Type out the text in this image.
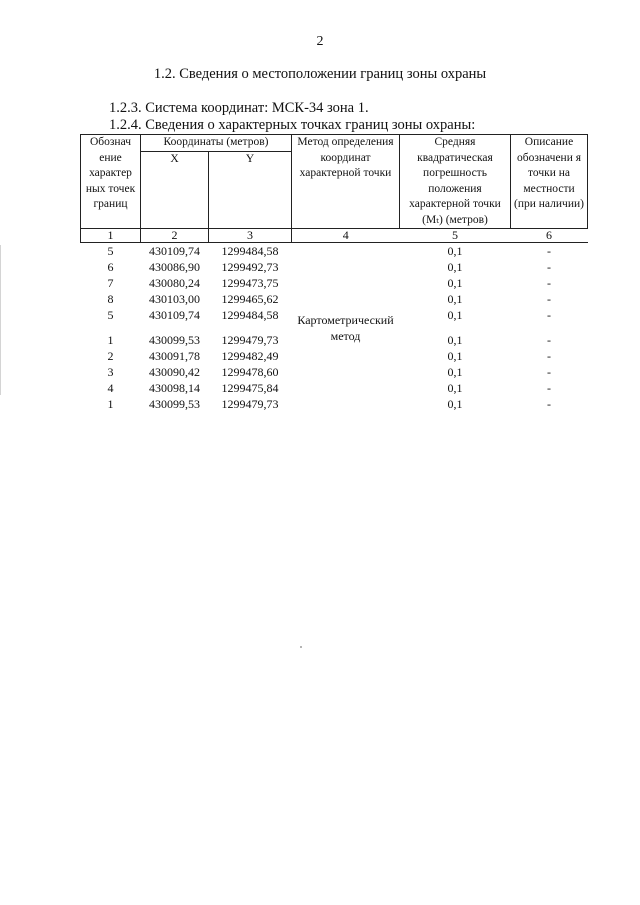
2
1.2. Сведения о местоположении границ зоны охраны
1.2.3. Система координат: МСК-34 зона 1.
1.2.4. Сведения о характерных точках границ зоны охраны:
Обознач ение характер ных точек границ	Координаты (метров)		Метод определения координат характерной точки	Средняя квадратическая погрешность положения характерной точки (Mₜ) (метров)	Описание обозначени я точки на местности (при наличии)
	X	Y			
1	2	3	4	5	6
5	430109,74	1299484,58	Картометрический метод	0,1	-
6	430086,90	1299492,73		0,1	-
7	430080,24	1299473,75		0,1	-
8	430103,00	1299465,62		0,1	-
5	430109,74	1299484,58		0,1	-

1	430099,53	1299479,73		0,1	-
2	430091,78	1299482,49		0,1	-
3	430090,42	1299478,60		0,1	-
4	430098,14	1299475,84		0,1	-
1	430099,53	1299479,73		0,1	-
